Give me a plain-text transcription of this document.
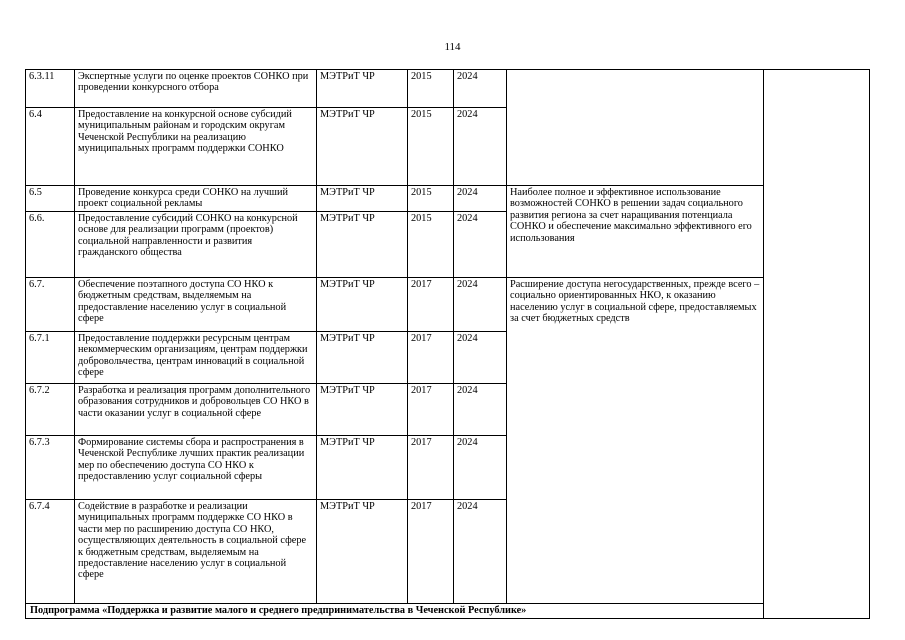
114
6.3.11	Экспертные услуги по оценке проектов СОНКО при проведении конкурсного отбора	МЭТРиТ ЧР	2015	2024		
6.4	Предоставление на конкурсной основе субсидий муниципальным районам и городским округам Чеченской Республики на реализацию муниципальных программ поддержки СОНКО	МЭТРиТ ЧР	2015	2024		
6.5	Проведение конкурса среди СОНКО на лучший проект социальной рекламы	МЭТРиТ ЧР	2015	2024	Наиболее полное и эффективное использование возможностей СОНКО в решении задач социального развития региона за счет наращивания потенциала СОНКО и обеспечение максимально эффективного его использования	
6.6.	Предоставление субсидий СОНКО на конкурсной основе для реализации программ (проектов) социальной направленности и развития гражданского общества	МЭТРиТ ЧР	2015	2024		
6.7.	Обеспечение поэтапного доступа СО НКО к бюджетным средствам, выделяемым на предоставление населению услуг в социальной сфере	МЭТРиТ ЧР	2017	2024	Расширение доступа негосударственных, прежде всего – социально ориентированных НКО, к оказанию населению услуг в социальной сфере, предоставляемых за счет бюджетных средств	
6.7.1	Предоставление поддержки ресурсным центрам некоммерческим организациям, центрам поддержки добровольчества, центрам инноваций в социальной сфере	МЭТРиТ ЧР	2017	2024		
6.7.2	Разработка и реализация программ дополнительного образования сотрудников и добровольцев СО НКО в части оказании услуг в социальной сфере	МЭТРиТ ЧР	2017	2024		
6.7.3	Формирование системы сбора и распространения в Чеченской Республике лучших практик реализации мер по обеспечению доступа СО НКО к предоставлению услуг социальной сферы	МЭТРиТ ЧР	2017	2024		
6.7.4	Содействие в разработке и реализации муниципальных программ поддержке СО НКО в части мер по расширению доступа СО НКО, осуществляющих деятельность в социальной сфере к бюджетным средствам, выделяемым на предоставление населению услуг в социальной сфере	МЭТРиТ ЧР	2017	2024		
Подпрограмма «Поддержка и развитие малого и среднего предпринимательства в Чеченской Республике»						
